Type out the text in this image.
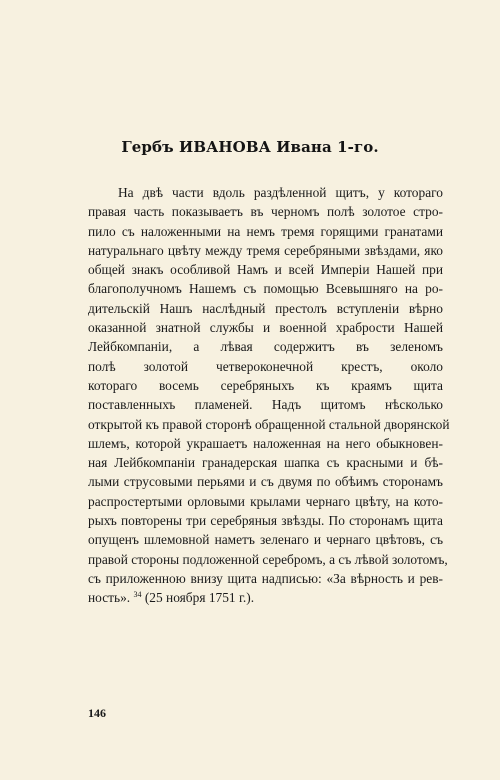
Гербъ ИВАНОВА Ивана 1-го.
На двѣ части вдоль раздѣленной щитъ, у котораго
правая часть показываетъ въ черномъ полѣ золотое стро-
пило съ наложенными на немъ тремя горящими гранатами
натуральнаго цвѣту между тремя серебряными звѣздами, яко
общей знакъ особливой Намъ и всей Имперіи Нашей при
благополучномъ Нашемъ съ помощью Всевышняго на ро-
дительскій Нашъ наслѣдный престолъ вступленіи вѣрно
оказанной знатной службы и военной храбрости Нашей
Лейбкомпаніи, а лѣвая содержитъ въ зеленомъ
полѣ золотой четвероконечной крестъ, около
котораго восемь серебряныхъ къ краямъ щита
поставленныхъ пламеней. Надъ щитомъ нѣсколько
открытой къ правой сторонѣ обращенной стальной дворянской
шлемъ, которой украшаетъ наложенная на него обыкновен-
ная Лейбкомпаніи гранадерская шапка съ красными и бѣ-
лыми струсовыми перьями и съ двумя по обѣимъ сторонамъ
распростертыми орловыми крылами чернаго цвѣту, на кото-
рыхъ повторены три серебряныя звѣзды. По сторонамъ щита
опущенъ шлемовной наметъ зеленаго и чернаго цвѣтовъ, съ
правой стороны подложенной серебромъ, а съ лѣвой золотомъ,
съ приложенною внизу щита надписью: «За вѣрность и рев-
ность». $^{34}$ (25 ноября 1751 г.).
146
